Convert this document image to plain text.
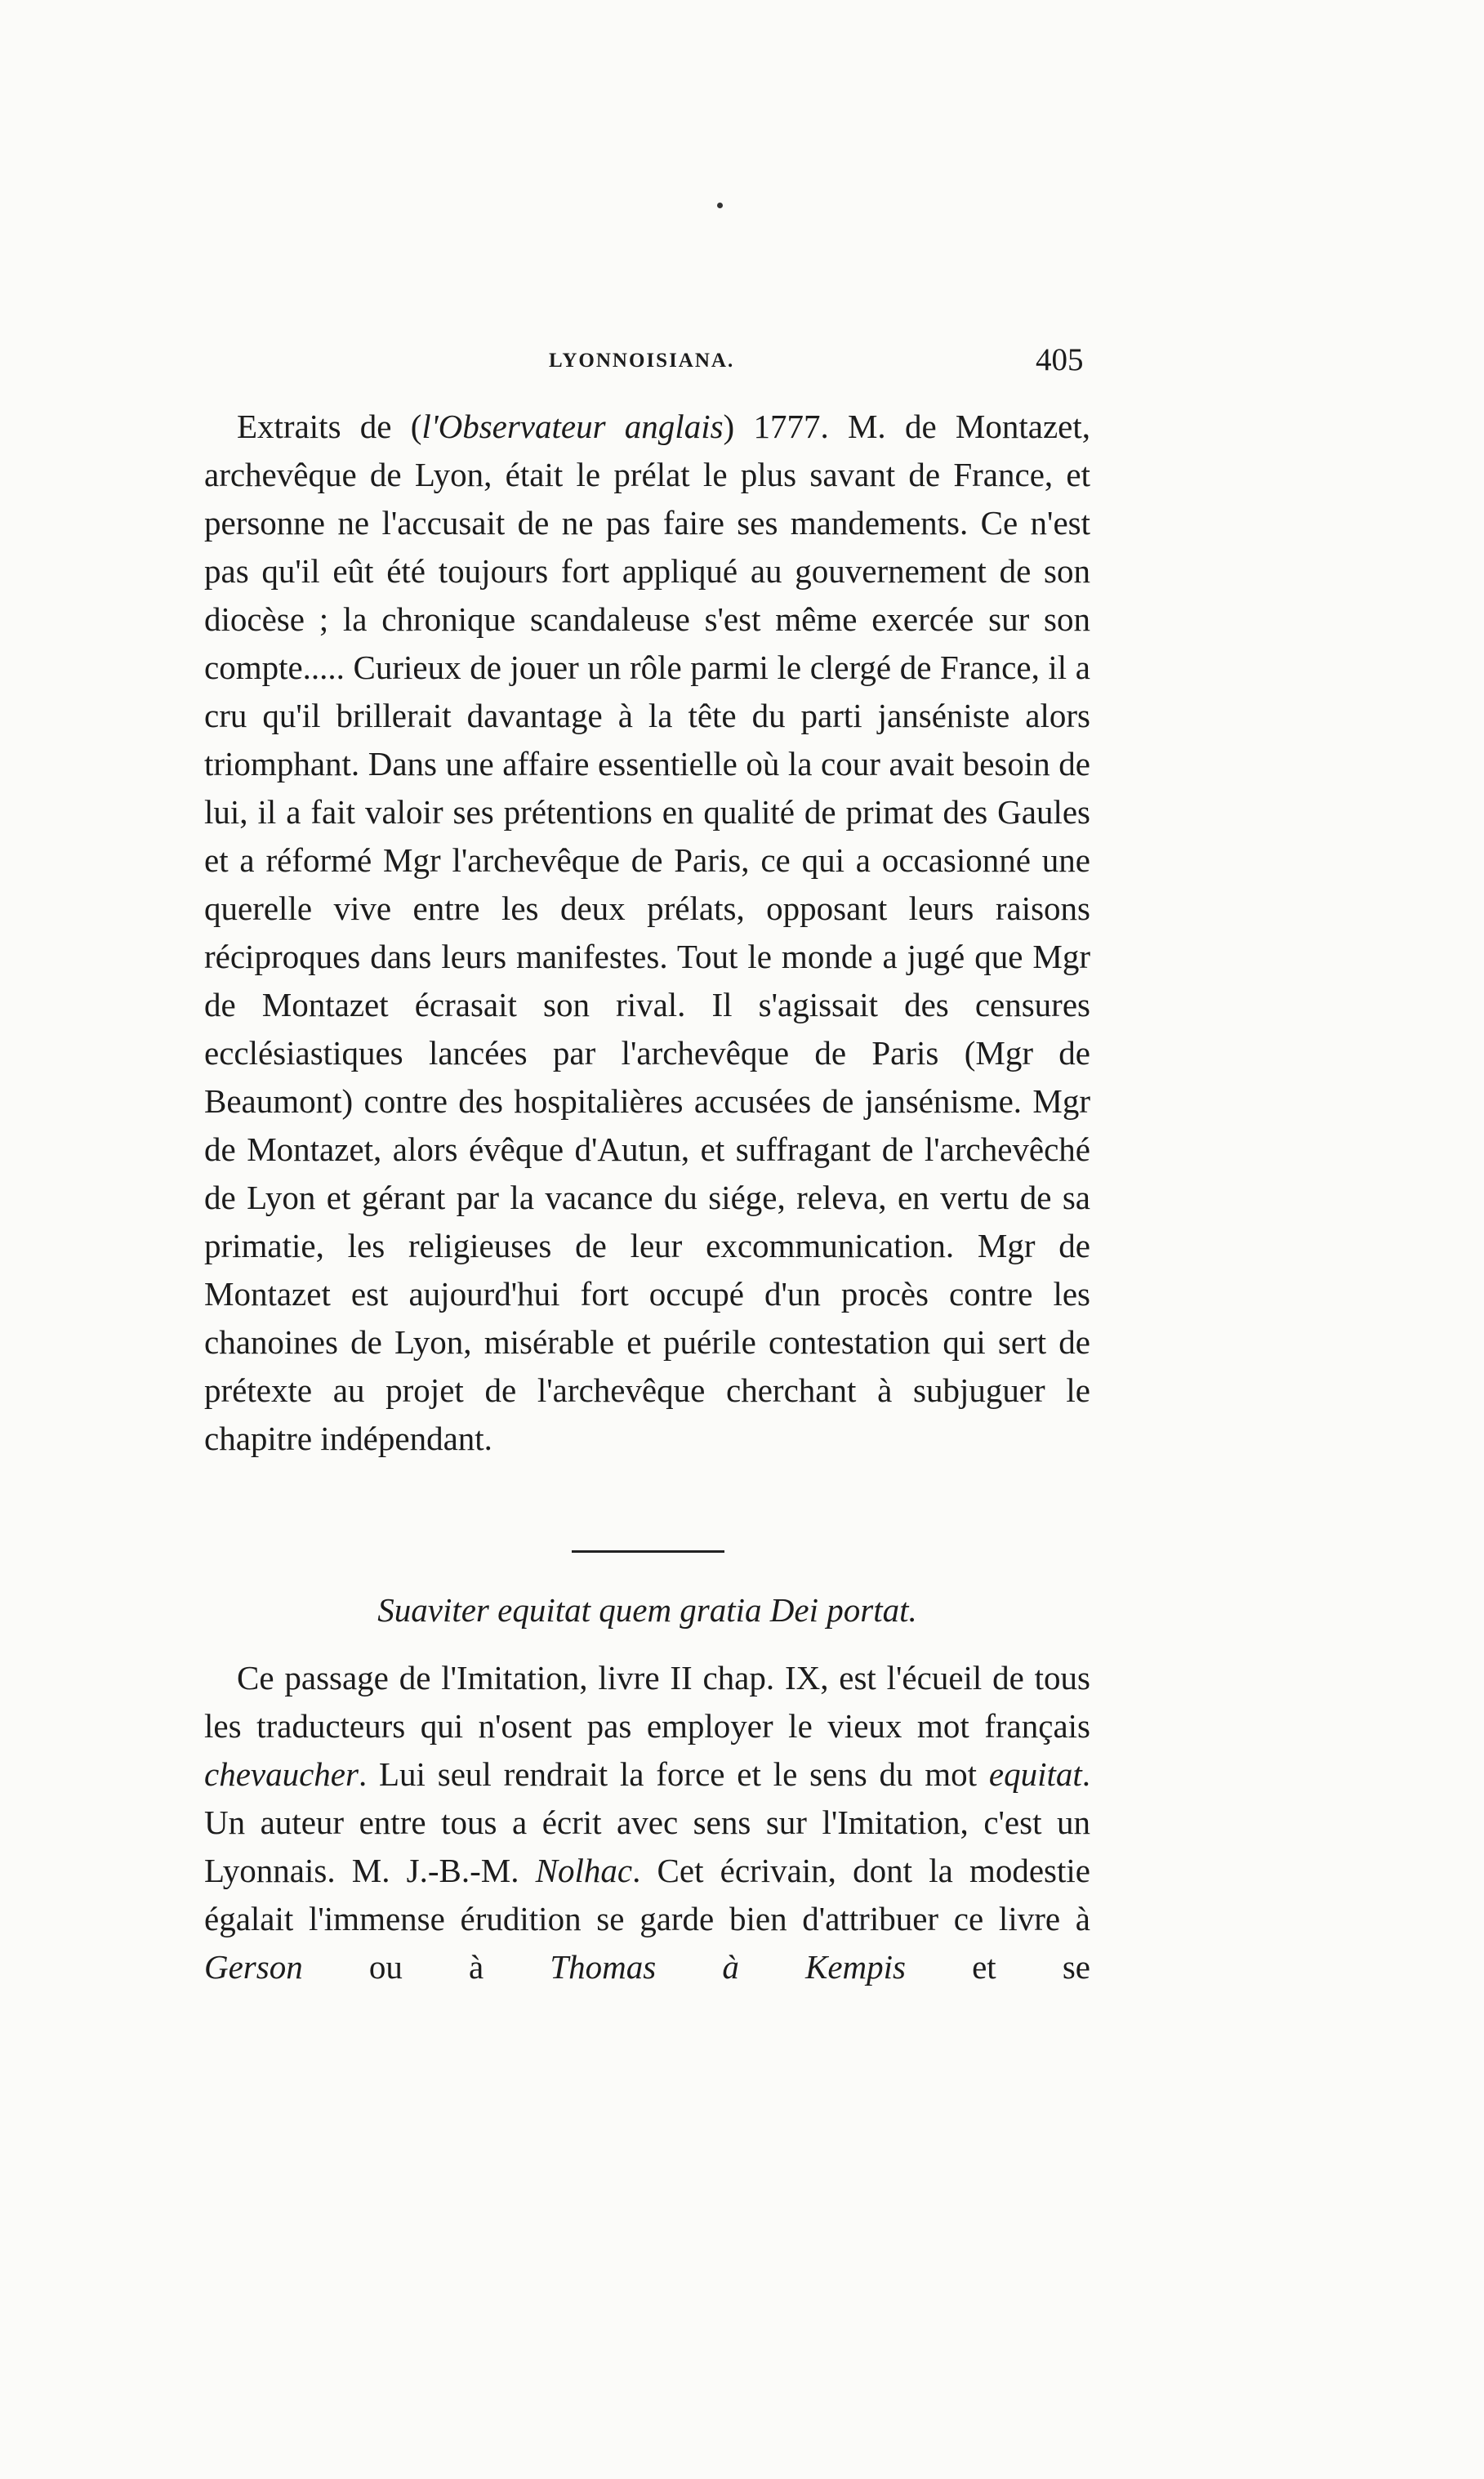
LYONNOISIANA.	405

Extraits de (l'Observateur anglais) 1777. M. de Montazet, archevêque de Lyon, était le prélat le plus savant de France, et personne ne l'accusait de ne pas faire ses mandements. Ce n'est pas qu'il eût été toujours fort appliqué au gouvernement de son diocèse ; la chronique scandaleuse s'est même exercée sur son compte..... Curieux de jouer un rôle parmi le clergé de France, il a cru qu'il brillerait davantage à la tête du parti janséniste alors triomphant. Dans une affaire essentielle où la cour avait besoin de lui, il a fait valoir ses prétentions en qualité de primat des Gaules et a réformé Mgr l'archevêque de Paris, ce qui a occasionné une querelle vive entre les deux prélats, opposant leurs raisons réciproques dans leurs manifestes. Tout le monde a jugé que Mgr de Montazet écrasait son rival. Il s'agissait des censures ecclésiastiques lancées par l'archevêque de Paris (Mgr de Beaumont) contre des hospitalières accusées de jansénisme. Mgr de Montazet, alors évêque d'Autun, et suffragant de l'archevêché de Lyon et gérant par la vacance du siége, releva, en vertu de sa primatie, les religieuses de leur excommunication. Mgr de Montazet est aujourd'hui fort occupé d'un procès contre les chanoines de Lyon, misérable et puérile contestation qui sert de prétexte au projet de l'archevêque cherchant à subjuguer le chapitre indépendant.

Suaviter equitat quem gratia Dei portat.

Ce passage de l'Imitation, livre II chap. IX, est l'écueil de tous les traducteurs qui n'osent pas employer le vieux mot français chevaucher. Lui seul rendrait la force et le sens du mot equitat. Un auteur entre tous a écrit avec sens sur l'Imitation, c'est un Lyonnais. M. J.-B.-M. Nolhac. Cet écrivain, dont la modestie égalait l'immense érudition se garde bien d'attribuer ce livre à Gerson ou à Thomas à Kempis et se
